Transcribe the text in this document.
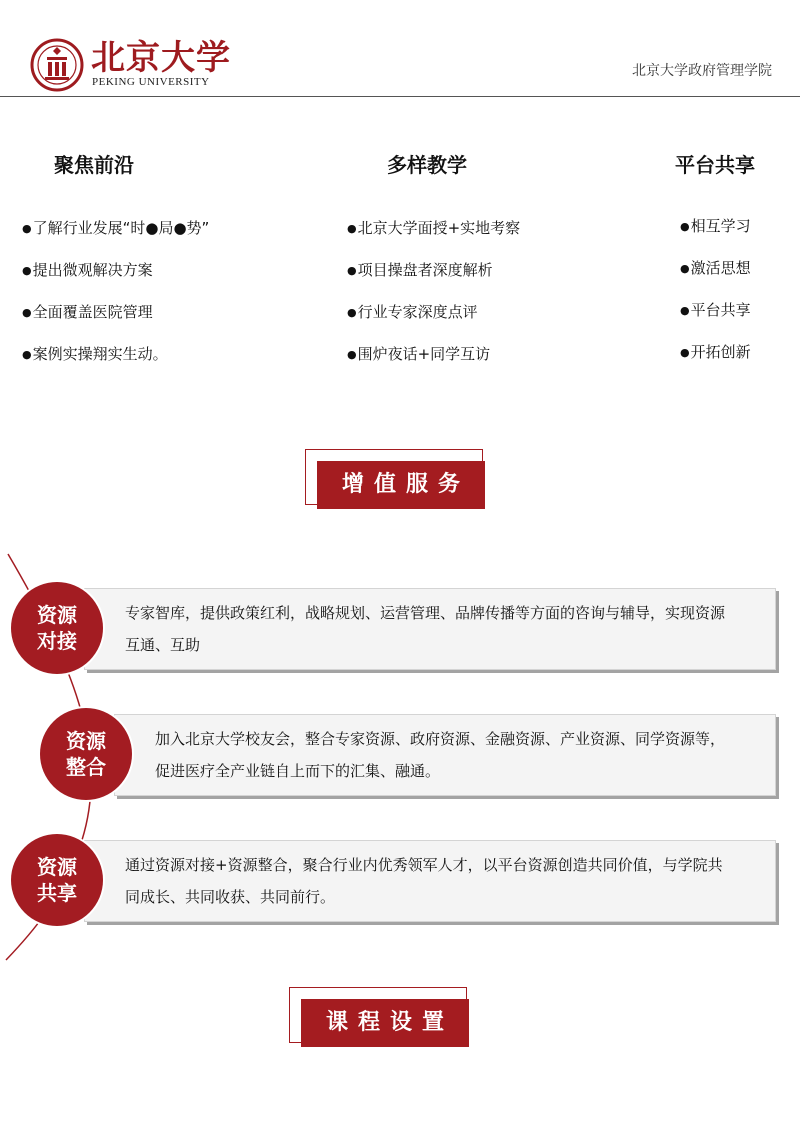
北京大学
PEKING UNIVERSITY
北京大学政府管理学院
聚焦前沿
● 了解行业发展“时●局●势”
● 提出微观解决方案
● 全面覆盖医院管理
● 案例实操翔实生动。
多样教学
● 北京大学面授+实地考察
● 项目操盘者深度解析
● 行业专家深度点评
● 围炉夜话+同学互访
平台共享
● 相互学习
● 激活思想
● 平台共享
● 开拓创新
增值服务

专家智库，提供政策红利，战略规划、运营管理、品牌传播等方面的咨询与辅导，实现资源

互通、互助

资源
对接

加入北京大学校友会，整合专家资源、政府资源、金融资源、产业资源、同学资源等，

促进医疗全产业链自上而下的汇集、融通。

资源
整合

通过资源对接+资源整合，聚合行业内优秀领军人才，以平台资源创造共同价值，与学院共

同成长、共同收获、共同前行。

资源
共享
课程设置
